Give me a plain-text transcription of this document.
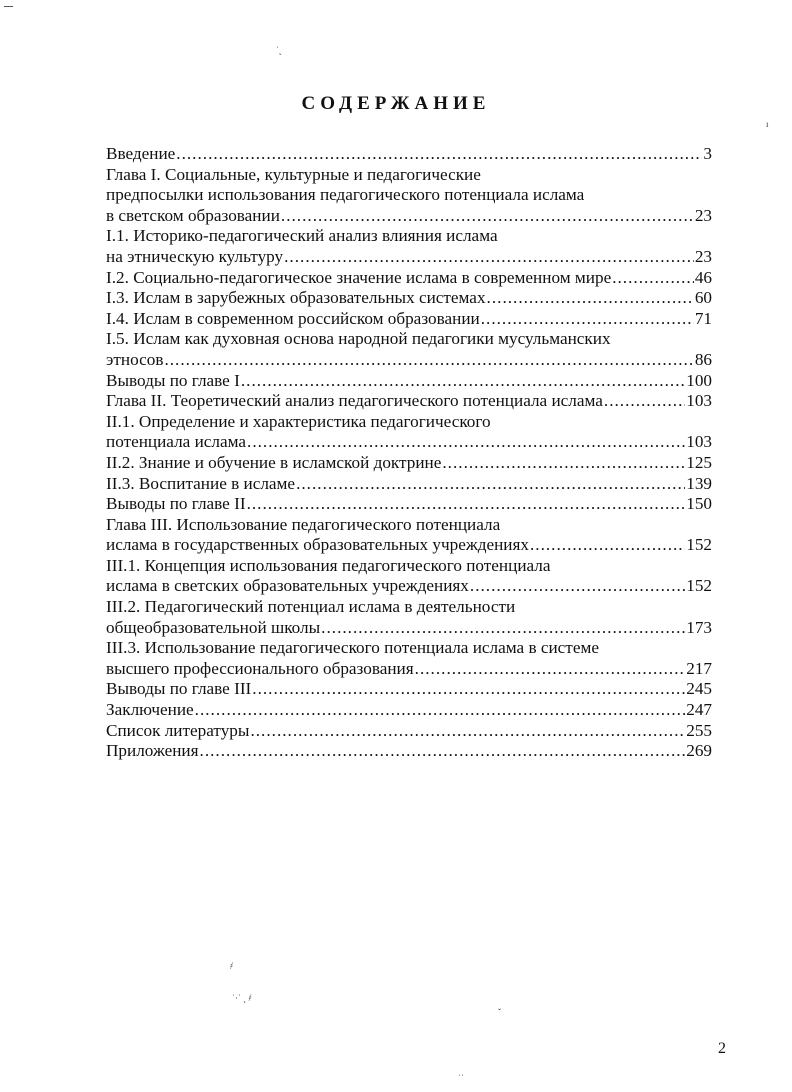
ˈ˛
ı
҂
˙·˙ ˛ ҂
ˇ
ˈˈ
СОДЕРЖАНИЕ
Введение .....	3
Глава I. Социальные, культурные и педагогические
предпосылки использования педагогического потенциала ислама
в светском образовании .....	23
I.1. Историко-педагогический анализ влияния ислама
на этническую культуру .....	23
I.2. Социально-педагогическое значение ислама в современном мире .....	46
I.3. Ислам в зарубежных образовательных системах .....	60
I.4. Ислам в современном российском образовании .....	71
I.5. Ислам как духовная основа народной педагогики мусульманских
этносов .....	86
Выводы по главе I .....	100
Глава II. Теоретический анализ педагогического потенциала ислама .....	103
II.1. Определение и характеристика педагогического
потенциала ислама .....	103
II.2. Знание и обучение в исламской доктрине .....	125
II.3. Воспитание в исламе .....	139
Выводы по главе II .....	150
Глава III. Использование педагогического потенциала
ислама в государственных образовательных учреждениях .....	152
III.1. Концепция использования педагогического потенциала
ислама в светских образовательных учреждениях .....	152
III.2. Педагогический потенциал ислама в деятельности
общеобразовательной школы .....	173
III.3. Использование педагогического потенциала ислама в системе
высшего профессионального образования .....	217
Выводы по главе III .....	245
Заключение .....	247
Список литературы .....	255
Приложения .....	269
2
